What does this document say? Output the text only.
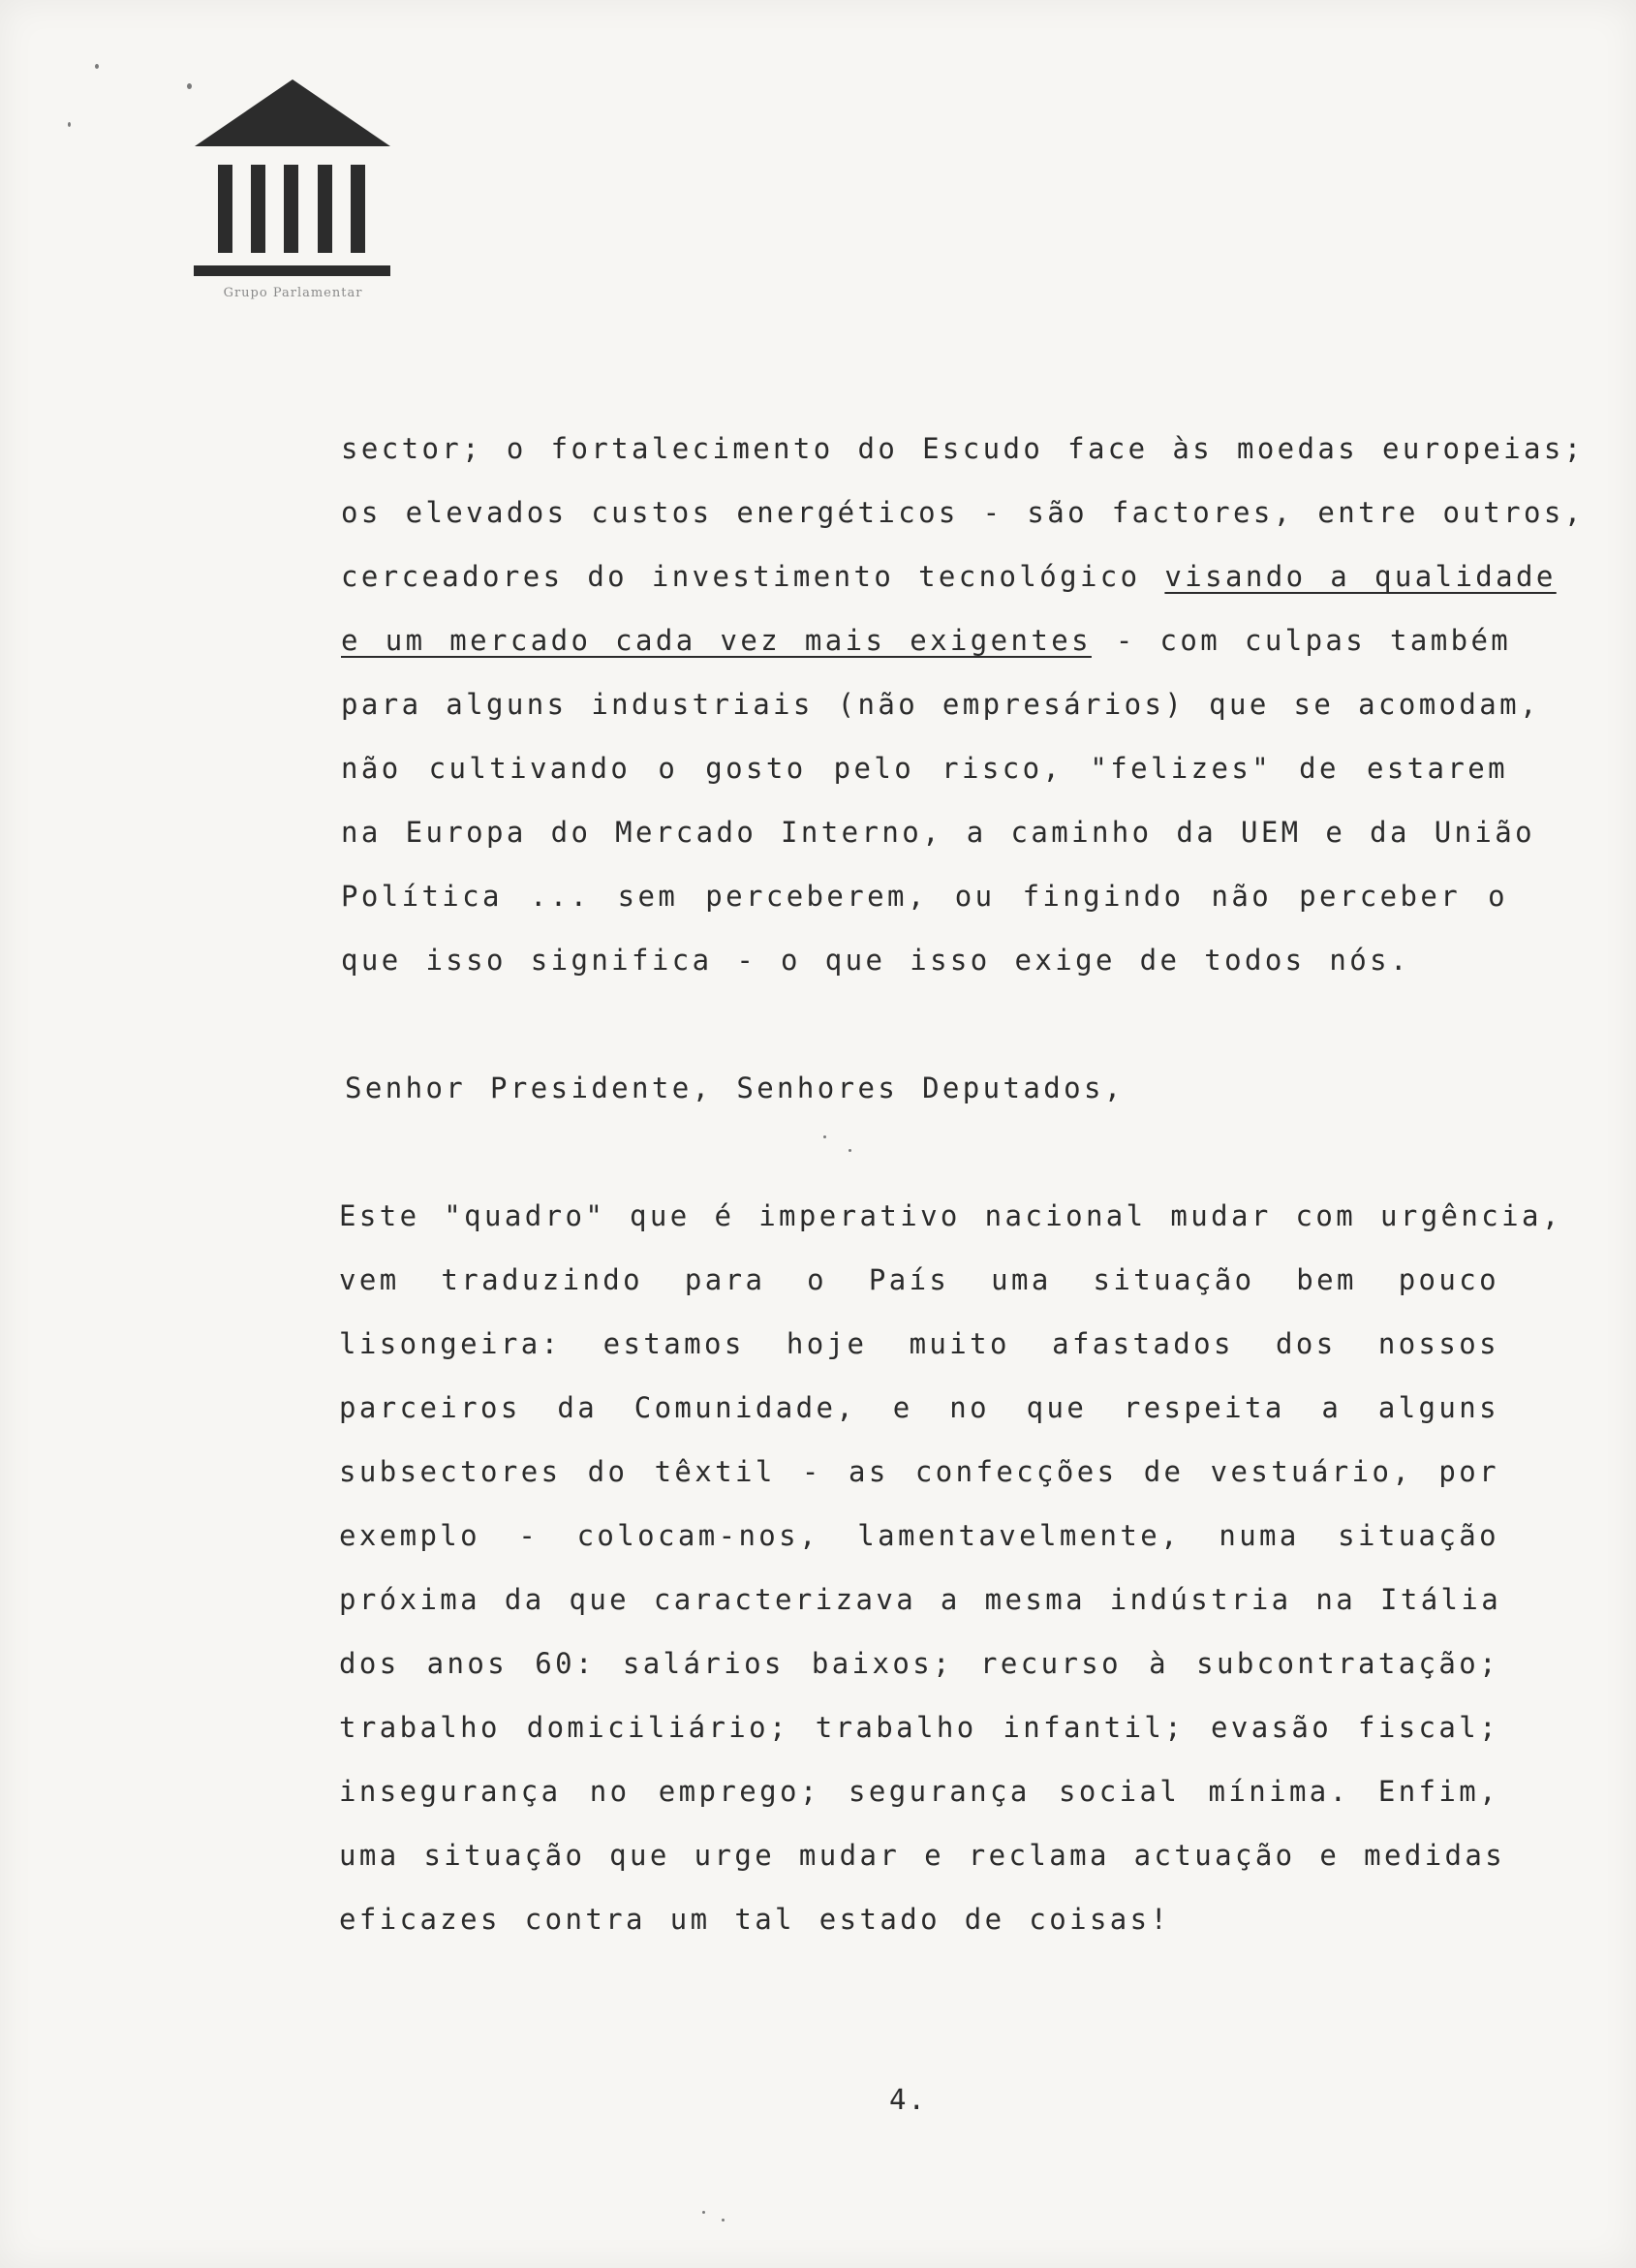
Grupo Parlamentar
sector; o fortalecimento do Escudo face às moedas europeias;
os elevados custos energéticos - são factores, entre outros,
cerceadores do investimento tecnológico visando a qualidade
e um mercado cada vez mais exigentes - com culpas também
para alguns industriais (não empresários) que se acomodam,
não cultivando o gosto pelo risco, "felizes" de estarem
na Europa do Mercado Interno, a caminho da UEM e da União
Política ... sem perceberem, ou fingindo não perceber o
que isso significa - o que isso exige de todos nós.
Senhor Presidente, Senhores Deputados,
Este "quadro" que é imperativo nacional mudar com urgência,
vem traduzindo para o País uma situação bem pouco
lisongeira: estamos hoje muito afastados dos nossos
parceiros da Comunidade, e no que respeita a alguns
subsectores do têxtil - as confecções de vestuário, por
exemplo - colocam-nos, lamentavelmente, numa situação
próxima da que caracterizava a mesma indústria na Itália
dos anos 60: salários baixos; recurso à subcontratação;
trabalho domiciliário; trabalho infantil; evasão fiscal;
insegurança no emprego; segurança social mínima. Enfim,
uma situação que urge mudar e reclama actuação e medidas
eficazes contra um tal estado de coisas!
4.
